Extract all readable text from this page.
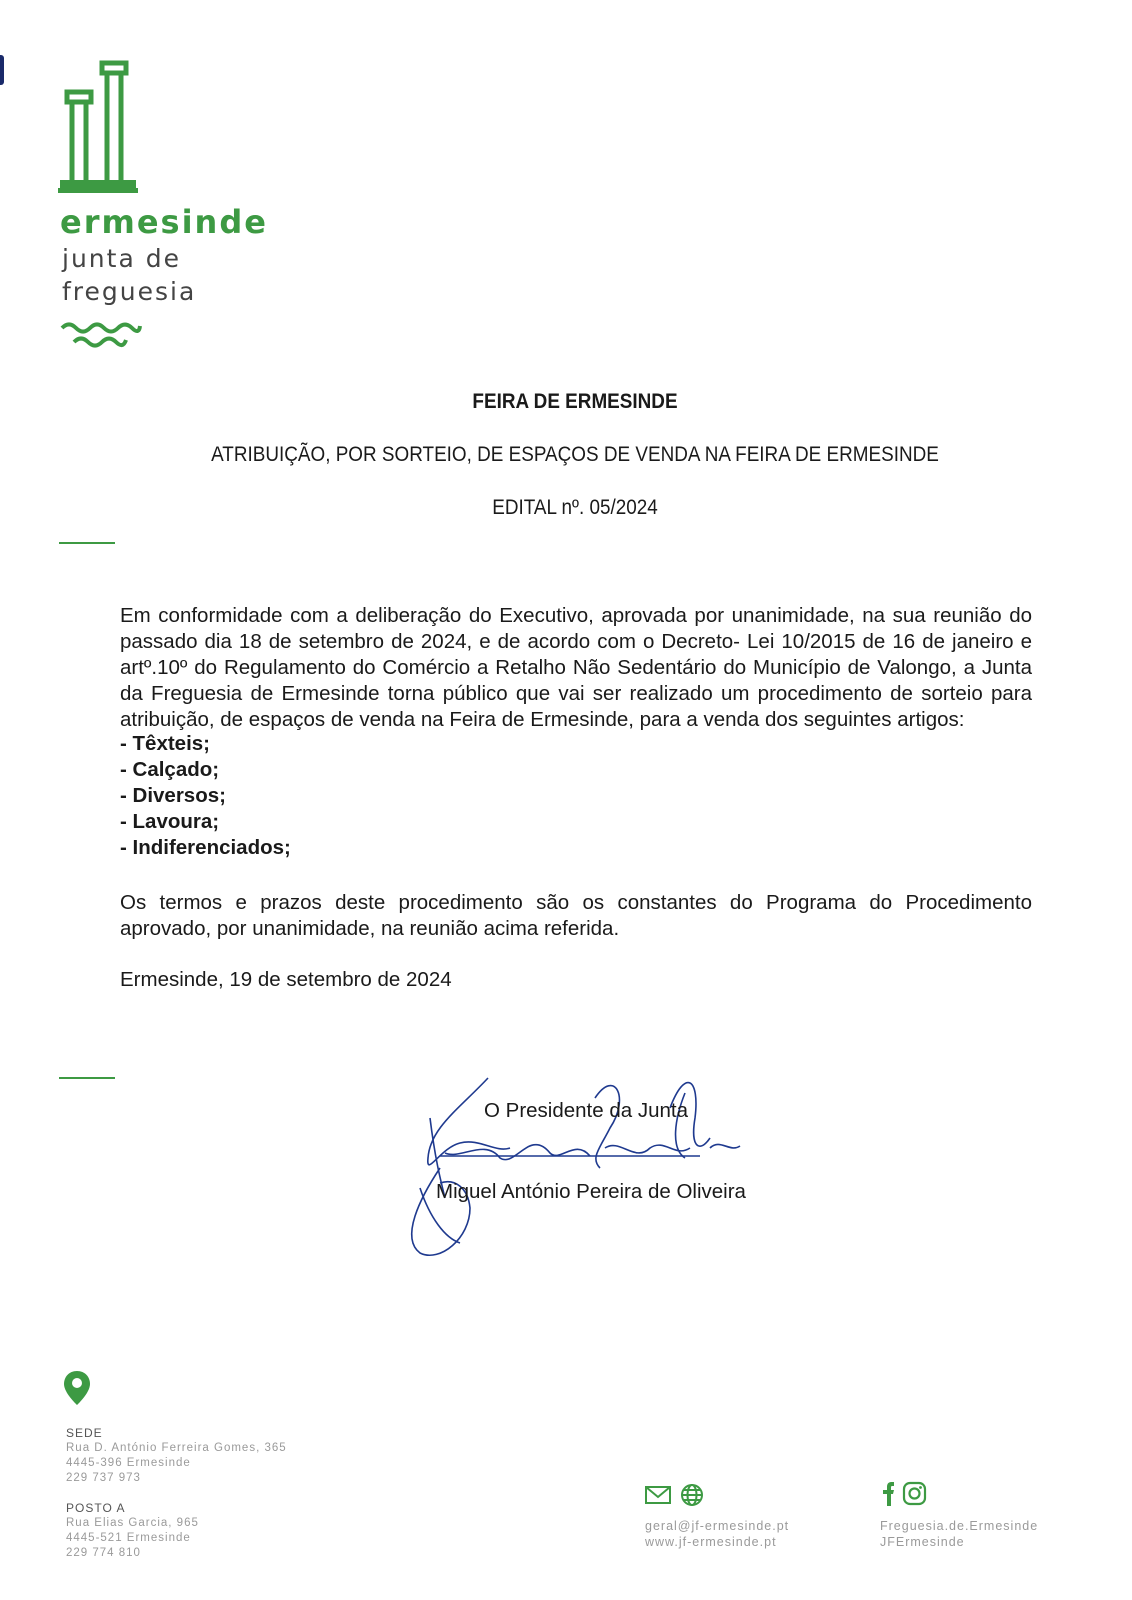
ermesinde
junta de
freguesia
FEIRA DE ERMESINDE
ATRIBUIÇÃO, POR SORTEIO, DE ESPAÇOS DE VENDA NA FEIRA DE ERMESINDE
EDITAL nº. 05/2024
Em conformidade com a deliberação do Executivo, aprovada por unanimidade, na sua reunião do passado dia 18 de setembro de 2024, e de acordo com o Decreto- Lei 10/2015 de 16 de janeiro e artº.10º do Regulamento do Comércio a Retalho Não Sedentário do Município de Valongo, a Junta da Freguesia de Ermesinde torna público que vai ser realizado um procedimento de sorteio para atribuição, de espaços de venda na Feira de Ermesinde, para a venda dos seguintes artigos:
- Têxteis;
- Calçado;
- Diversos;
- Lavoura;
- Indiferenciados;
Os termos e prazos deste procedimento são os constantes do Programa do Procedimento aprovado, por unanimidade, na reunião acima referida.
Ermesinde, 19 de setembro de 2024
O Presidente da Junta
Miguel António Pereira de Oliveira
SEDE
Rua D. António Ferreira Gomes, 365
4445-396 Ermesinde
229 737 973
POSTO A
Rua Elias Garcia, 965
4445-521 Ermesinde
229 774 810
geral@jf-ermesinde.pt
www.jf-ermesinde.pt
Freguesia.de.Ermesinde
JFErmesinde
